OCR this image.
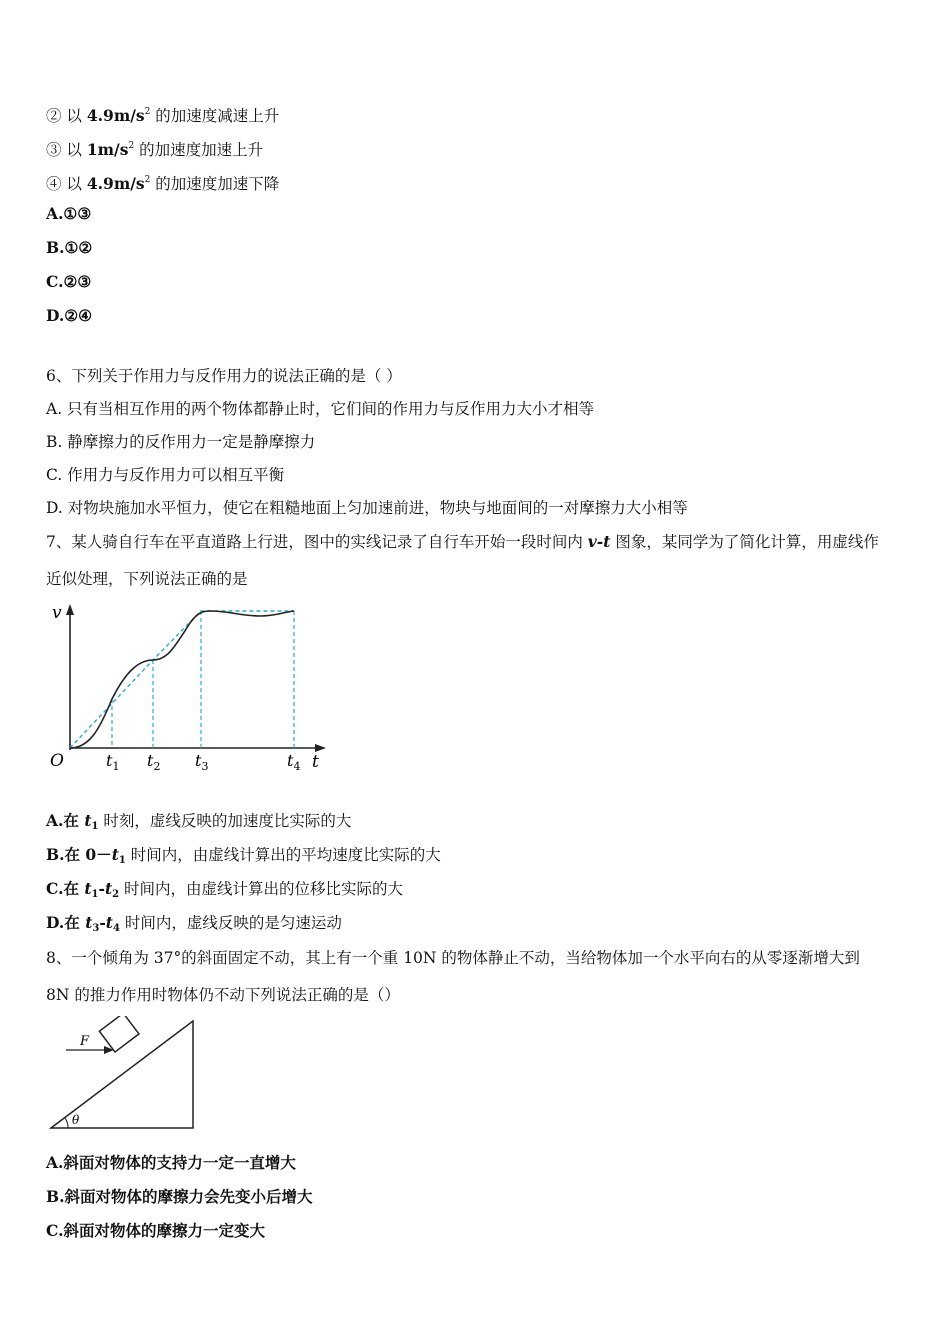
② 以 $4.9m/s^2$ 的加速度减速上升
③ 以 $1m/s^2$ 的加速度加速上升
④ 以 $4.9m/s^2$ 的加速度加速下降
A.①③
B.①②
C.②③
D.②④
6、下列关于作用力与反作用力的说法正确的是（ ）
A. 只有当相互作用的两个物体都静止时，它们间的作用力与反作用力大小才相等
B. 静摩擦力的反作用力一定是静摩擦力
C. 作用力与反作用力可以相互平衡
D. 对物块施加水平恒力，使它在粗糙地面上匀加速前进，物块与地面间的一对摩擦力大小相等
7、某人骑自行车在平直道路上行进，图中的实线记录了自行车开始一段时间内 v-t 图象，某同学为了简化计算，用虚线作
近似处理，下列说法正确的是
v
O	t
$t_1$ $t_2$ $t_3$	$t_4$
A.在 $t_1$ 时刻，虚线反映的加速度比实际的大
B.在 $0-t_1$ 时间内，由虚线计算出的平均速度比实际的大
C.在 $t_1-t_2$ 时间内，由虚线计算出的位移比实际的大
D.在 $t_3-t_4$ 时间内，虚线反映的是匀速运动
8、一个倾角为 37°的斜面固定不动，其上有一个重 10N 的物体静止不动，当给物体加一个水平向右的从零逐渐增大到
8N 的推力作用时物体仍不动下列说法正确的是（）
F
θ
A.斜面对物体的支持力一定一直增大
B.斜面对物体的摩擦力会先变小后增大
C.斜面对物体的摩擦力一定变大
